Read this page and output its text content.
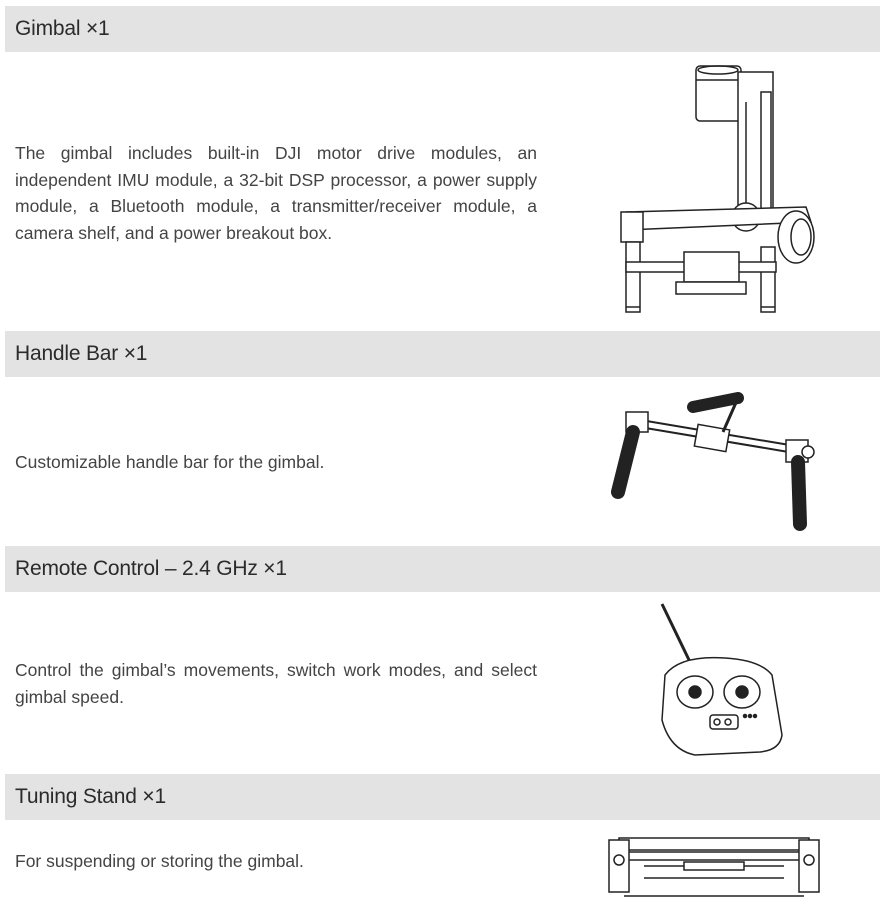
Gimbal ×1

The gimbal includes built-in DJI motor drive modules, an independent IMU module, a 32-bit DSP processor, a power supply module, a Bluetooth module, a transmitter/receiver module, a camera shelf, and a power breakout box.

Handle Bar ×1

Customizable handle bar for the gimbal.

Remote Control – 2.4 GHz ×1

Control the gimbal’s movements, switch work modes, and select gimbal speed.

Tuning Stand ×1

For suspending or storing the gimbal.
